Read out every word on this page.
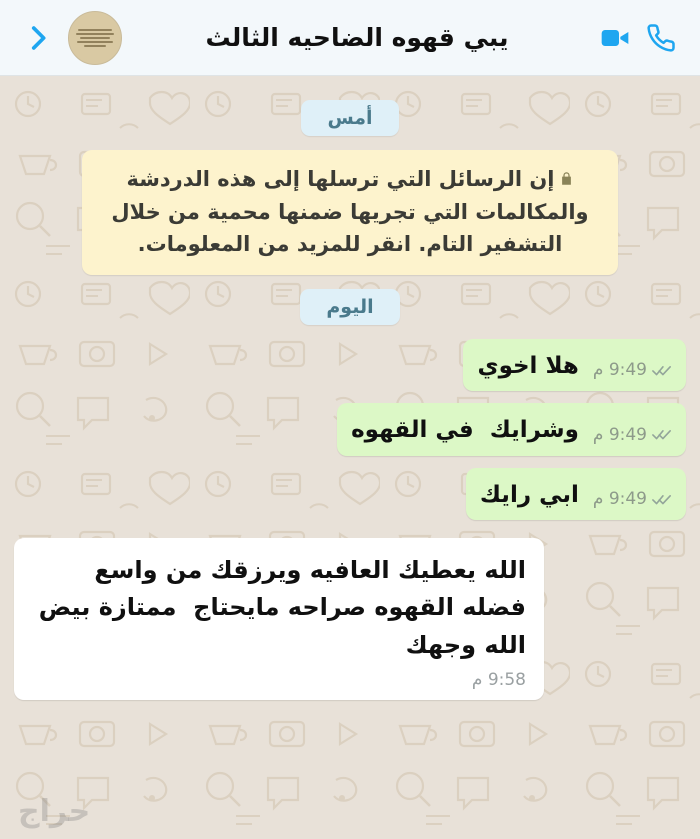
يبي قهوه الضاحيه الثالث
أمس
إن الرسائل التي ترسلها إلى هذه الدردشة والمكالمات التي تجريها ضمنها محمية من خلال التشفير التام. انقر للمزيد من المعلومات.
اليوم
هلا اخوي 9:49 م
وشرايك  في القهوه 9:49 م
ابي رايك 9:49 م
الله يعطيك العافيه ويرزقك من واسع فضله القهوه صراحه مايحتاج  ممتازة بيض الله وجهك
9:58 م
حراج
